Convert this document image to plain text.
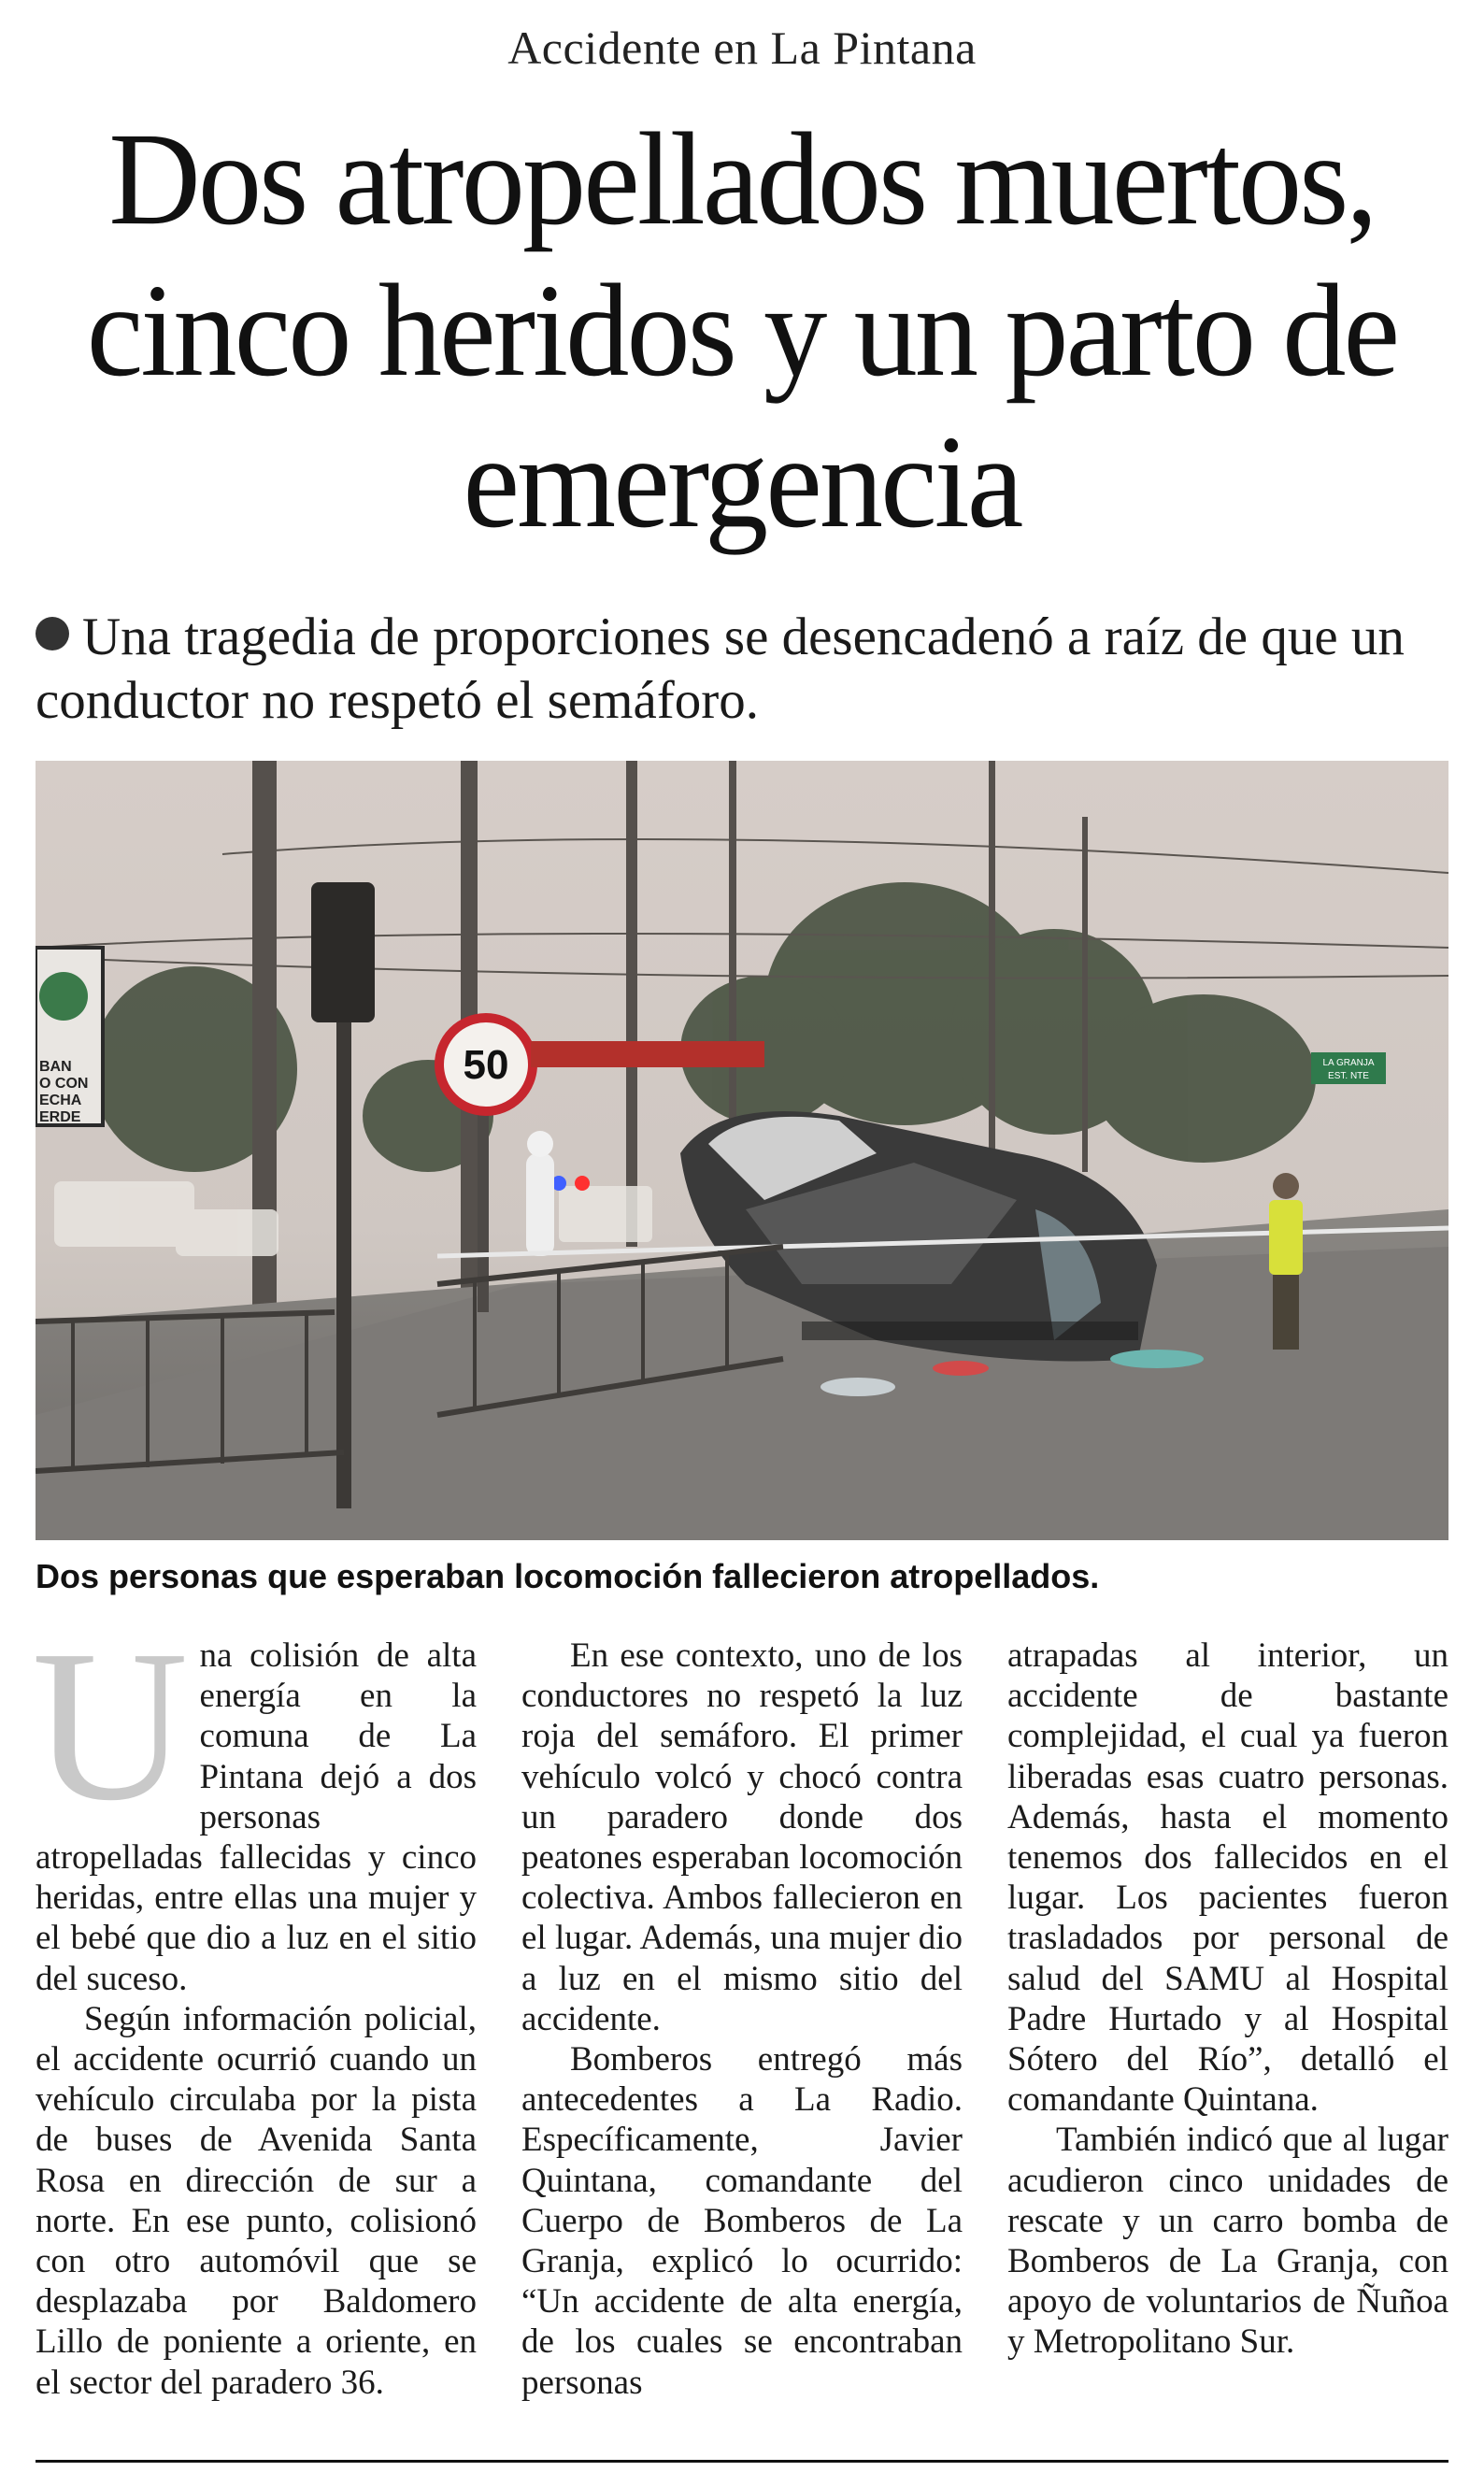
Accidente en La Pintana
Dos atropellados muertos, cinco heridos y un parto de emergencia

Una tragedia de proporciones se desencadenó a raíz de que un conductor no respetó el semáforo.

BAN
O CON
ECHA
ERDE
50	LA GRANJA
EST. NTE

Dos personas que esperaban locomoción fallecieron atropellados.

Una colisión de alta energía en la comuna de La Pintana dejó a dos personas atropelladas fallecidas y cinco heridas, entre ellas una mujer y el bebé que dio a luz en el sitio del suceso.

Según información policial, el accidente ocurrió cuando un vehículo circulaba por la pista de buses de Avenida Santa Rosa en dirección de sur a norte. En ese punto, colisionó con otro automóvil que se desplazaba por Baldomero Lillo de poniente a oriente, en el sector del paradero 36.

En ese contexto, uno de los conductores no respetó la luz roja del semáforo. El primer vehículo volcó y chocó contra un paradero donde dos peatones esperaban locomoción colectiva. Ambos fallecieron en el lugar. Además, una mujer dio a luz en el mismo sitio del accidente.

Bomberos entregó más antecedentes a La Radio. Específicamente, Javier Quintana, comandante del Cuerpo de Bomberos de La Granja, explicó lo ocurrido: “Un accidente de alta energía, de los cuales se encontraban personas

atrapadas al interior, un accidente de bastante complejidad, el cual ya fueron liberadas esas cuatro personas. Además, hasta el momento tenemos dos fallecidos en el lugar. Los pacientes fueron trasladados por personal de salud del SAMU al Hospital Padre Hurtado y al Hospital Sótero del Río”, detalló el comandante Quintana.

También indicó que al lugar acudieron cinco unidades de rescate y un carro bomba de Bomberos de La Granja, con apoyo de voluntarios de Ñuñoa y Metropolitano Sur.
